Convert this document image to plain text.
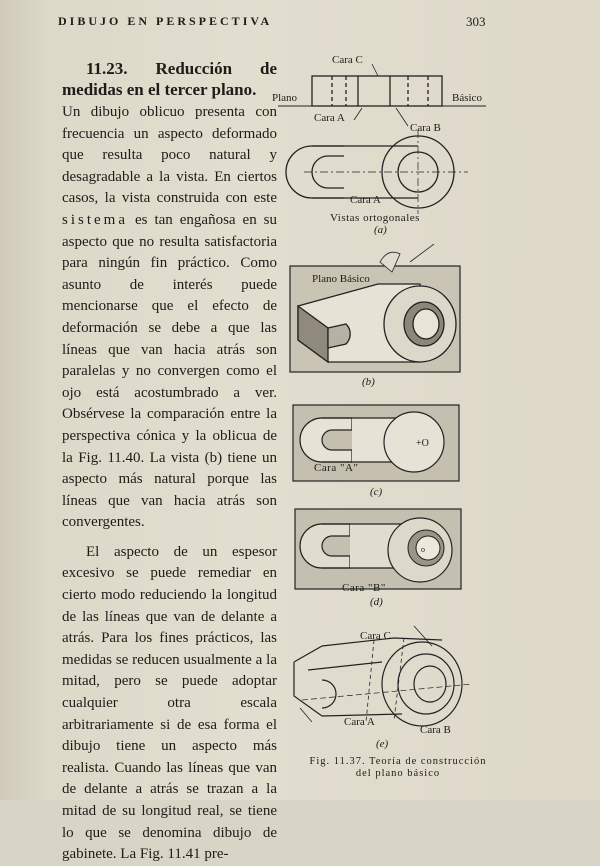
DIBUJO EN PERSPECTIVA	303
11.23. Reducción de medidas en el tercer plano.

Un dibujo oblicuo presenta con frecuencia un aspecto deformado que resulta poco natural y desagradable a la vista. En ciertos casos, la vista construida con este sistema es tan engañosa en su aspecto que no resulta satisfactoria para ningún fin práctico. Como asunto de interés puede mencionarse que el efecto de deformación se debe a que las líneas que van hacia atrás son paralelas y no convergen como el ojo está acostumbrado a ver. Obsérvese la comparación entre la perspectiva cónica y la oblicua de la Fig. 11.40. La vista (b) tiene un aspecto más natural porque las líneas que van hacia atrás son convergentes.

El aspecto de un espesor excesivo se puede remediar en cierto modo reduciendo la longitud de las líneas que van de delante a atrás. Para los fines prácticos, las medidas se reducen usualmente a la mitad, pero se puede adoptar cualquier otra escala arbitrariamente si de esa forma el dibujo tiene un aspecto más realista. Cuando las líneas que van de delante a atrás se trazan a la mitad de su longitud real, se tiene lo que se denomina dibujo de gabinete. La Fig. 11.41 pre-

Cara C
Plano	Básico
Cara A
Cara B
Cara A
Vistas ortogonales
(a)
Plano Básico
(b)
+O
Cara "A"
(c)
o
Cara "B"
(d)
Cara C
Cara A
Cara B
(e)
Fig. 11.37. Teoría de construcción del plano básico
